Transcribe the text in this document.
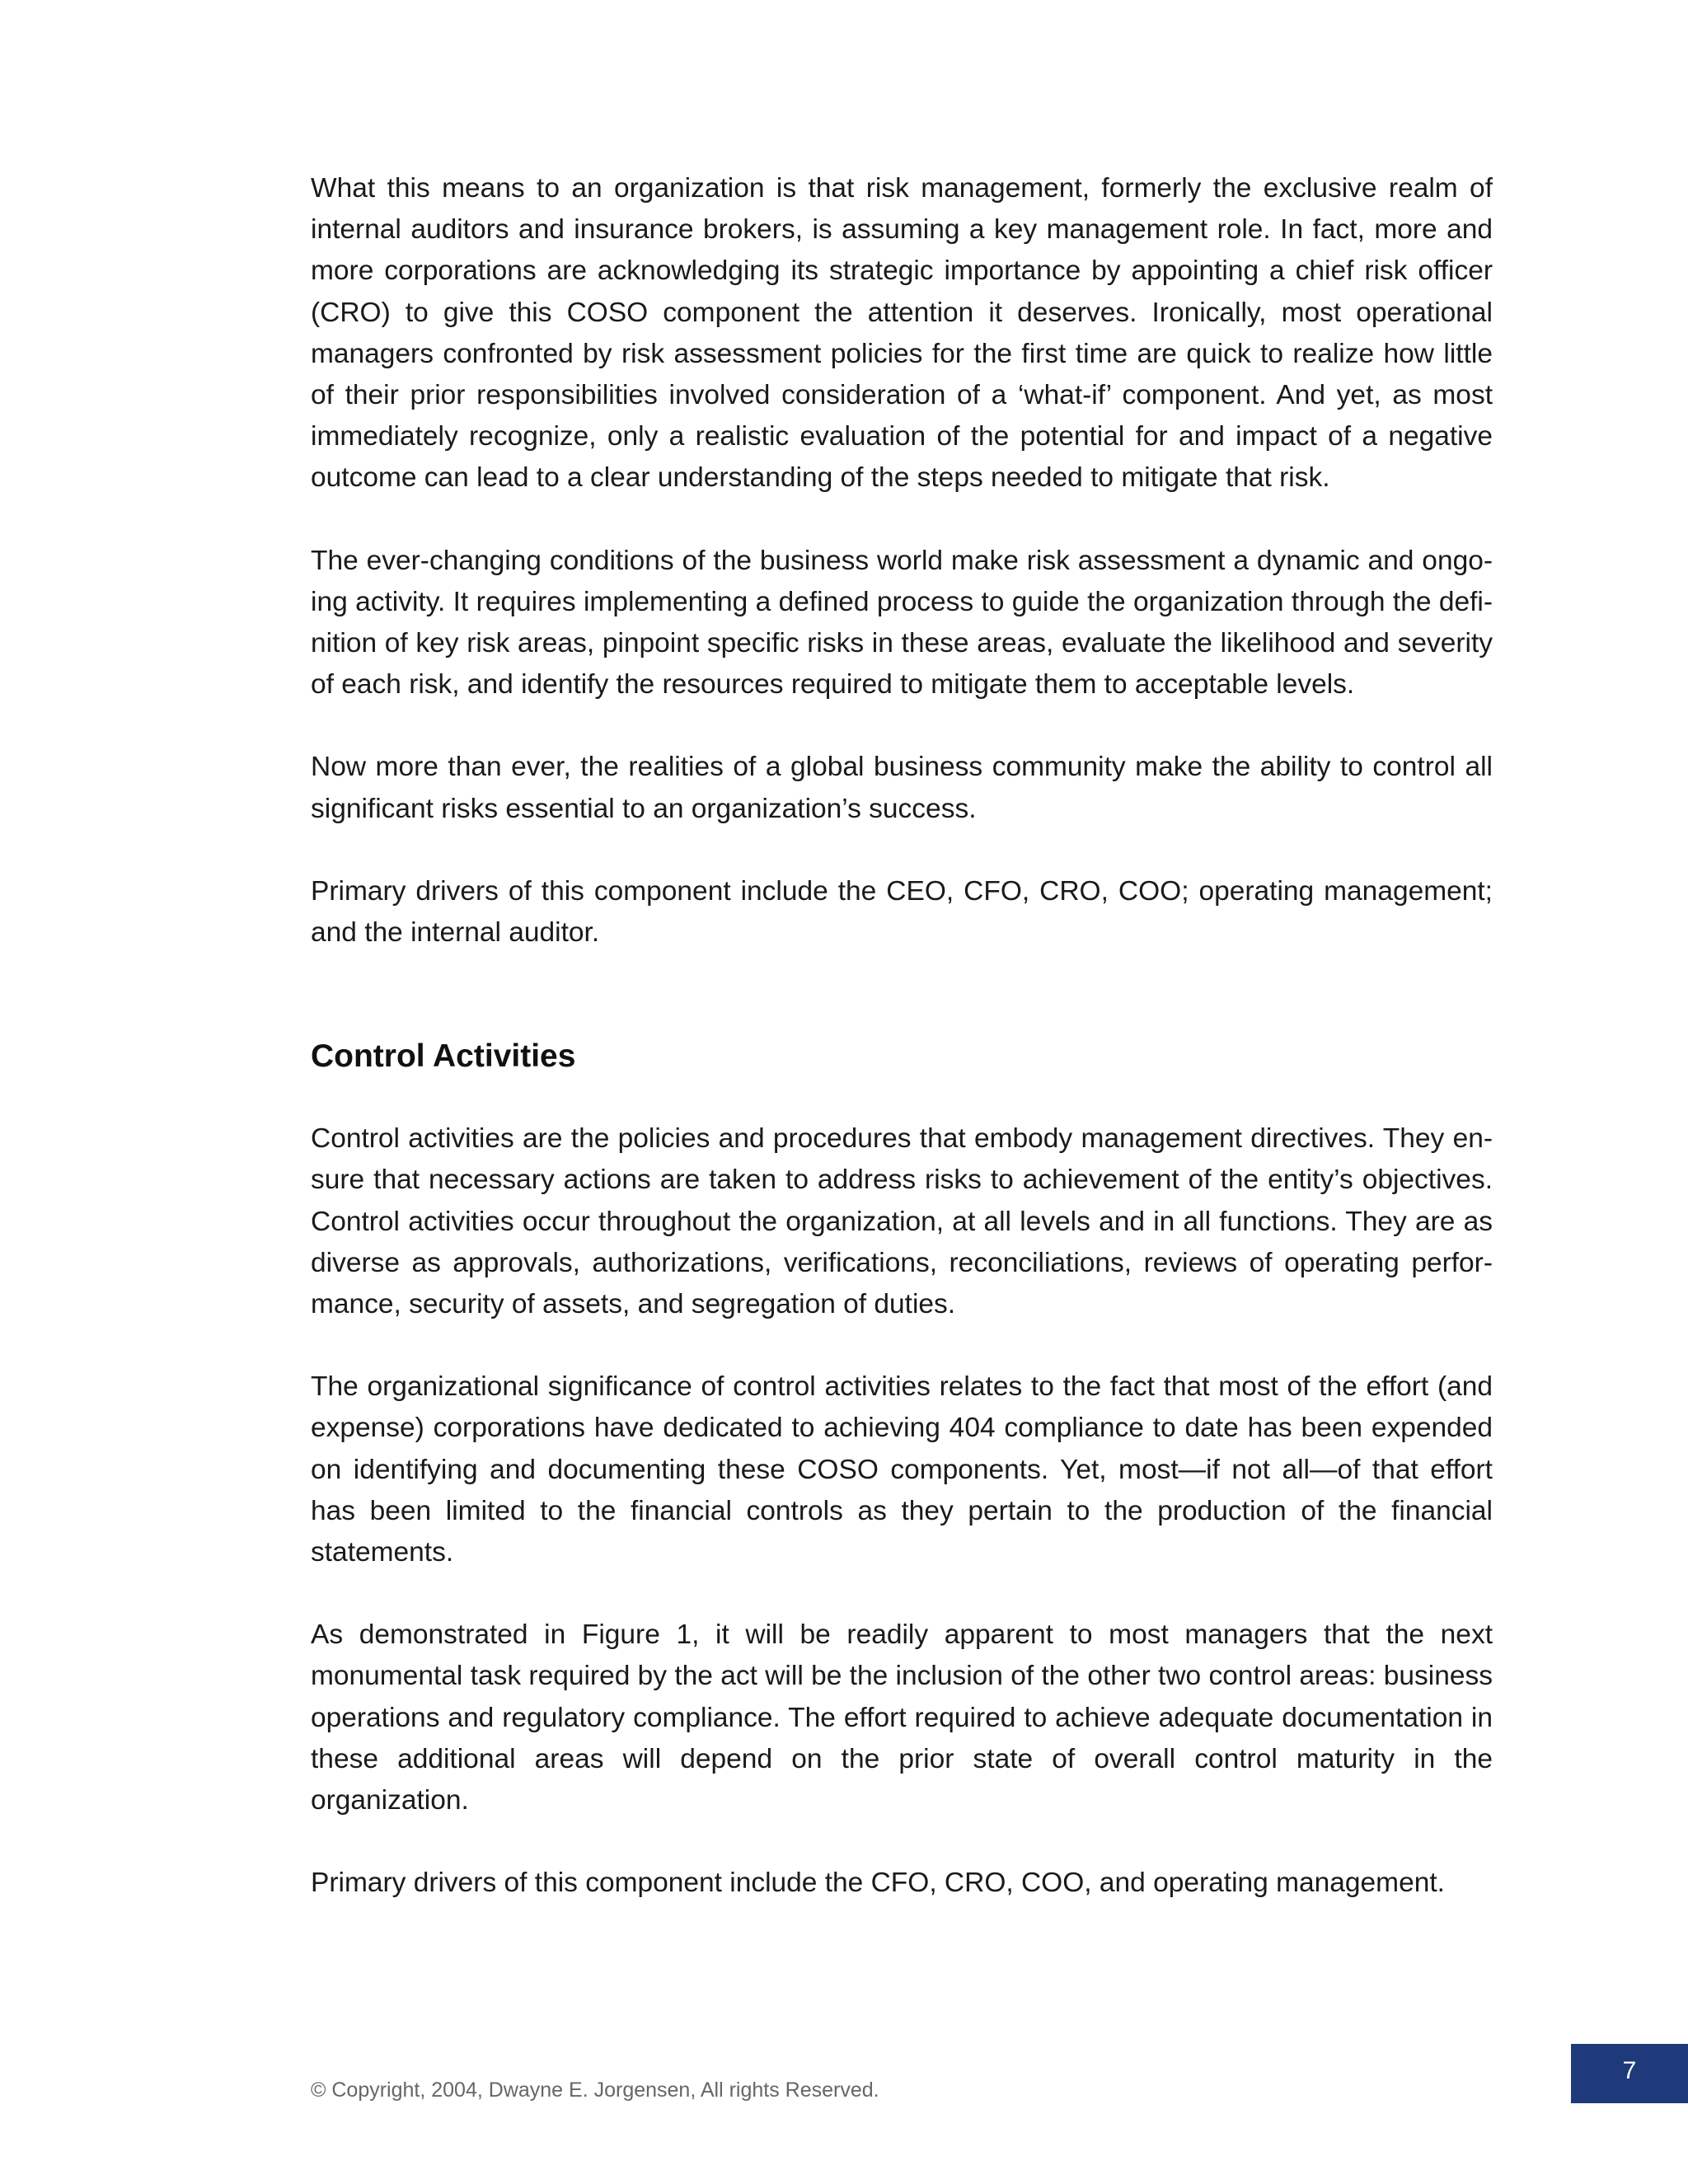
What this means to an organization is that risk management, formerly the exclusive realm of internal auditors and insurance brokers, is assuming a key management role. In fact, more and more corporations are acknowledging its strategic importance by appointing a chief risk officer (CRO) to give this COSO component the attention it deserves. Ironically, most operational managers confronted by risk assessment policies for the first time are quick to realize how little of their prior responsibilities involved consideration of a ‘what-if’ component. And yet, as most immediately recognize, only a realistic evaluation of the potential for and impact of a negative outcome can lead to a clear understanding of the steps needed to mitigate that risk.

The ever-changing conditions of the business world make risk assessment a dynamic and ongoing activity. It requires implementing a defined process to guide the organization through the definition of key risk areas, pinpoint specific risks in these areas, evaluate the likelihood and severity of each risk, and identify the resources required to mitigate them to acceptable levels.

Now more than ever, the realities of a global business community make the ability to control all significant risks essential to an organization’s success.

Primary drivers of this component include the CEO, CFO, CRO, COO; operating management; and the internal auditor.

Control Activities

Control activities are the policies and procedures that embody management directives. They ensure that necessary actions are taken to address risks to achievement of the entity’s objectives. Control activities occur throughout the organization, at all levels and in all functions. They are as diverse as approvals, authorizations, verifications, reconciliations, reviews of operating performance, security of assets, and segregation of duties.

The organizational significance of control activities relates to the fact that most of the effort (and expense) corporations have dedicated to achieving 404 compliance to date has been expended on identifying and documenting these COSO components. Yet, most—if not all—of that effort has been limited to the financial controls as they pertain to the production of the financial statements.

As demonstrated in Figure 1, it will be readily apparent to most managers that the next monumental task required by the act will be the inclusion of the other two control areas: business operations and regulatory compliance. The effort required to achieve adequate documentation in these additional areas will depend on the prior state of overall control maturity in the organization.

Primary drivers of this component include the CFO, CRO, COO, and operating management.

© Copyright, 2004, Dwayne E. Jorgensen, All rights Reserved.
7
